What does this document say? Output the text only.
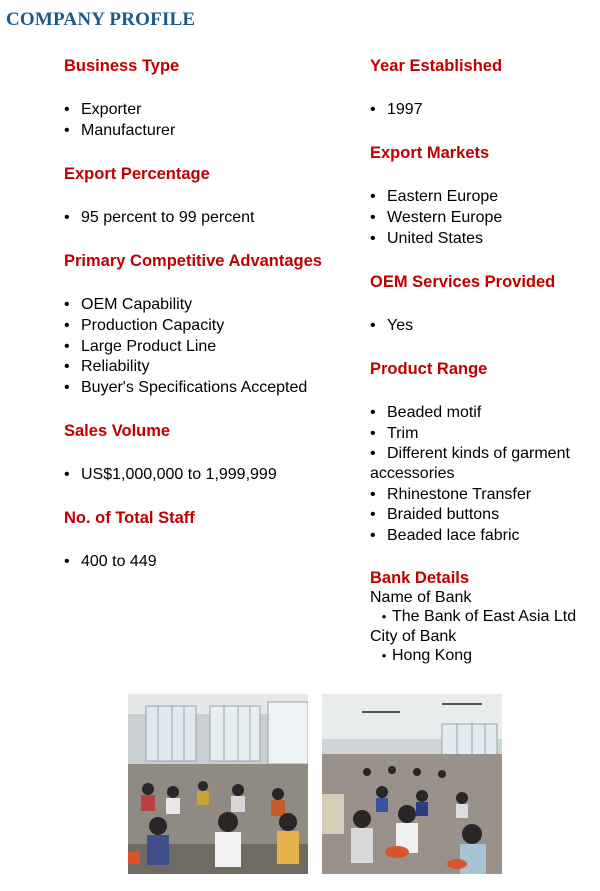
COMPANY PROFILE
Business Type
• Exporter
• Manufacturer
Export Percentage
• 95 percent to 99 percent
Primary Competitive Advantages
• OEM Capability
• Production Capacity
• Large Product Line
• Reliability
• Buyer's Specifications Accepted
Sales Volume
• US$1,000,000 to 1,999,999
No. of Total Staff
• 400 to 449
Year Established
• 1997
Export Markets
• Eastern Europe
• Western Europe
• United States
OEM Services Provided
• Yes
Product Range
• Beaded motif
• Trim
• Different kinds of garment accessories
• Rhinestone Transfer
• Braided buttons
• Beaded lace fabric
Bank Details
Name of Bank
• The Bank of East Asia Ltd
City of Bank
• Hong Kong
